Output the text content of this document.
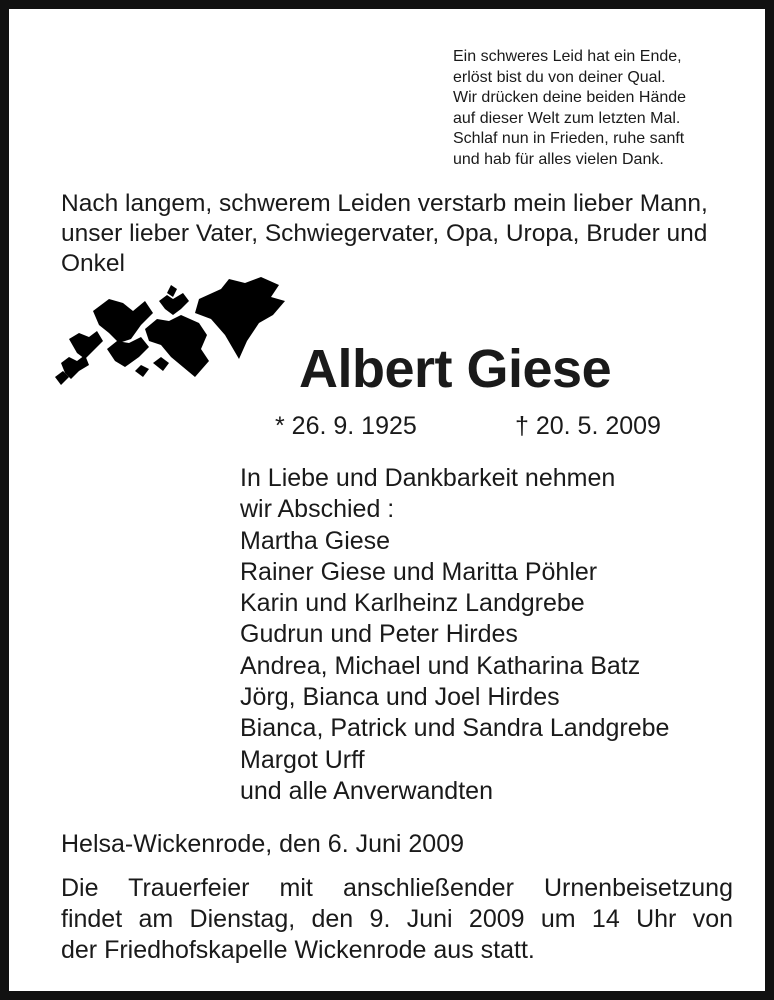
Ein schweres Leid hat ein Ende,
erlöst bist du von deiner Qual.
Wir drücken deine beiden Hände
auf dieser Welt zum letzten Mal.
Schlaf nun in Frieden, ruhe sanft
und hab für alles vielen Dank.
Nach langem, schwerem Leiden verstarb mein lieber Mann,
unser lieber Vater, Schwiegervater, Opa, Uropa, Bruder und
Onkel
Albert Giese
* 26. 9. 1925	† 20. 5. 2009
In Liebe und Dankbarkeit nehmen
wir Abschied :
Martha Giese
Rainer Giese und Maritta Pöhler
Karin und Karlheinz Landgrebe
Gudrun und Peter Hirdes
Andrea, Michael und Katharina Batz
Jörg, Bianca und Joel Hirdes
Bianca, Patrick und Sandra Landgrebe
Margot Urff
und alle Anverwandten
Helsa-Wickenrode, den 6. Juni 2009
Die Trauerfeier mit anschließender Urnenbeisetzung
findet am Dienstag, den 9. Juni 2009 um 14 Uhr von
der Friedhofskapelle Wickenrode aus statt.
